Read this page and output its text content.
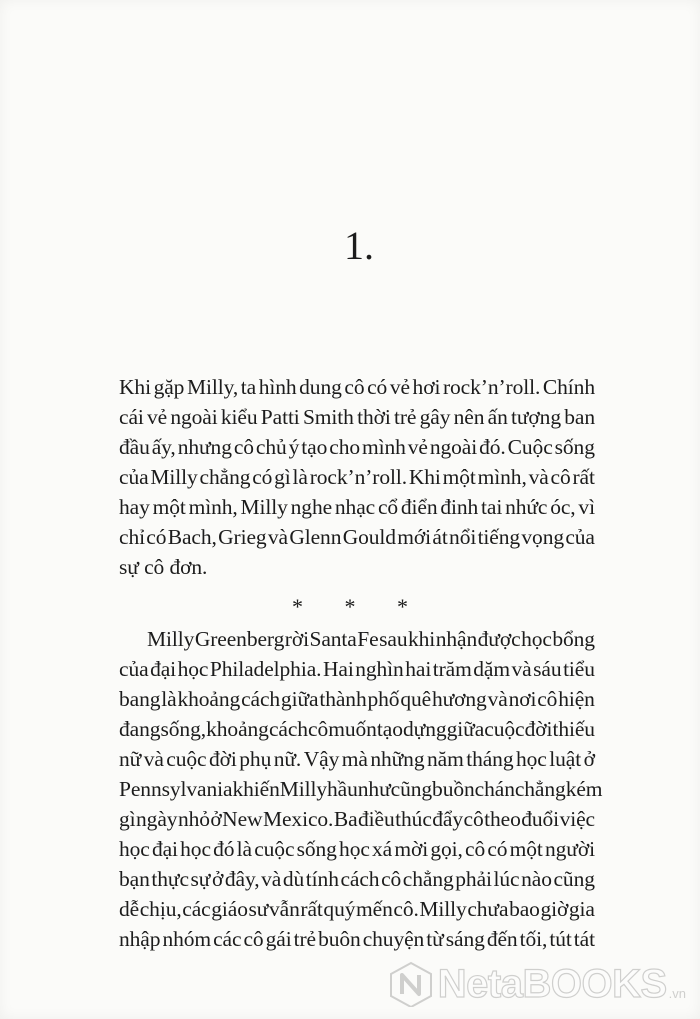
1.
Khi gặp Milly, ta hình dung cô có vẻ hơi rock’n’roll. Chính
cái vẻ ngoài kiểu Patti Smith thời trẻ gây nên ấn tượng ban
đầu ấy, nhưng cô chủ ý tạo cho mình vẻ ngoài đó. Cuộc sống
của Milly chẳng có gì là rock’n’roll. Khi một mình, và cô rất
hay một mình, Milly nghe nhạc cổ điển đinh tai nhức óc, vì
chỉ có Bach, Grieg và Glenn Gould mới át nổi tiếng vọng của
sự cô đơn.
* * *
Milly Greenberg rời Santa Fe sau khi nhận được học bổng
của đại học Philadelphia. Hai nghìn hai trăm dặm và sáu tiểu
bang là khoảng cách giữa thành phố quê hương và nơi cô hiện
đang sống, khoảng cách cô muốn tạo dựng giữa cuộc đời thiếu
nữ và cuộc đời phụ nữ. Vậy mà những năm tháng học luật ở
Pennsylvania khiến Milly hầu như cũng buồn chán chẳng kém
gì ngày nhỏ ở New Mexico. Ba điều thúc đẩy cô theo đuổi việc
học đại học đó là cuộc sống học xá mời gọi, cô có một người
bạn thực sự ở đây, và dù tính cách cô chẳng phải lúc nào cũng
dễ chịu, các giáo sư vẫn rất quý mến cô. Milly chưa bao giờ gia
nhập nhóm các cô gái trẻ buôn chuyện từ sáng đến tối, tút tát
NetaBOOKS .vn
